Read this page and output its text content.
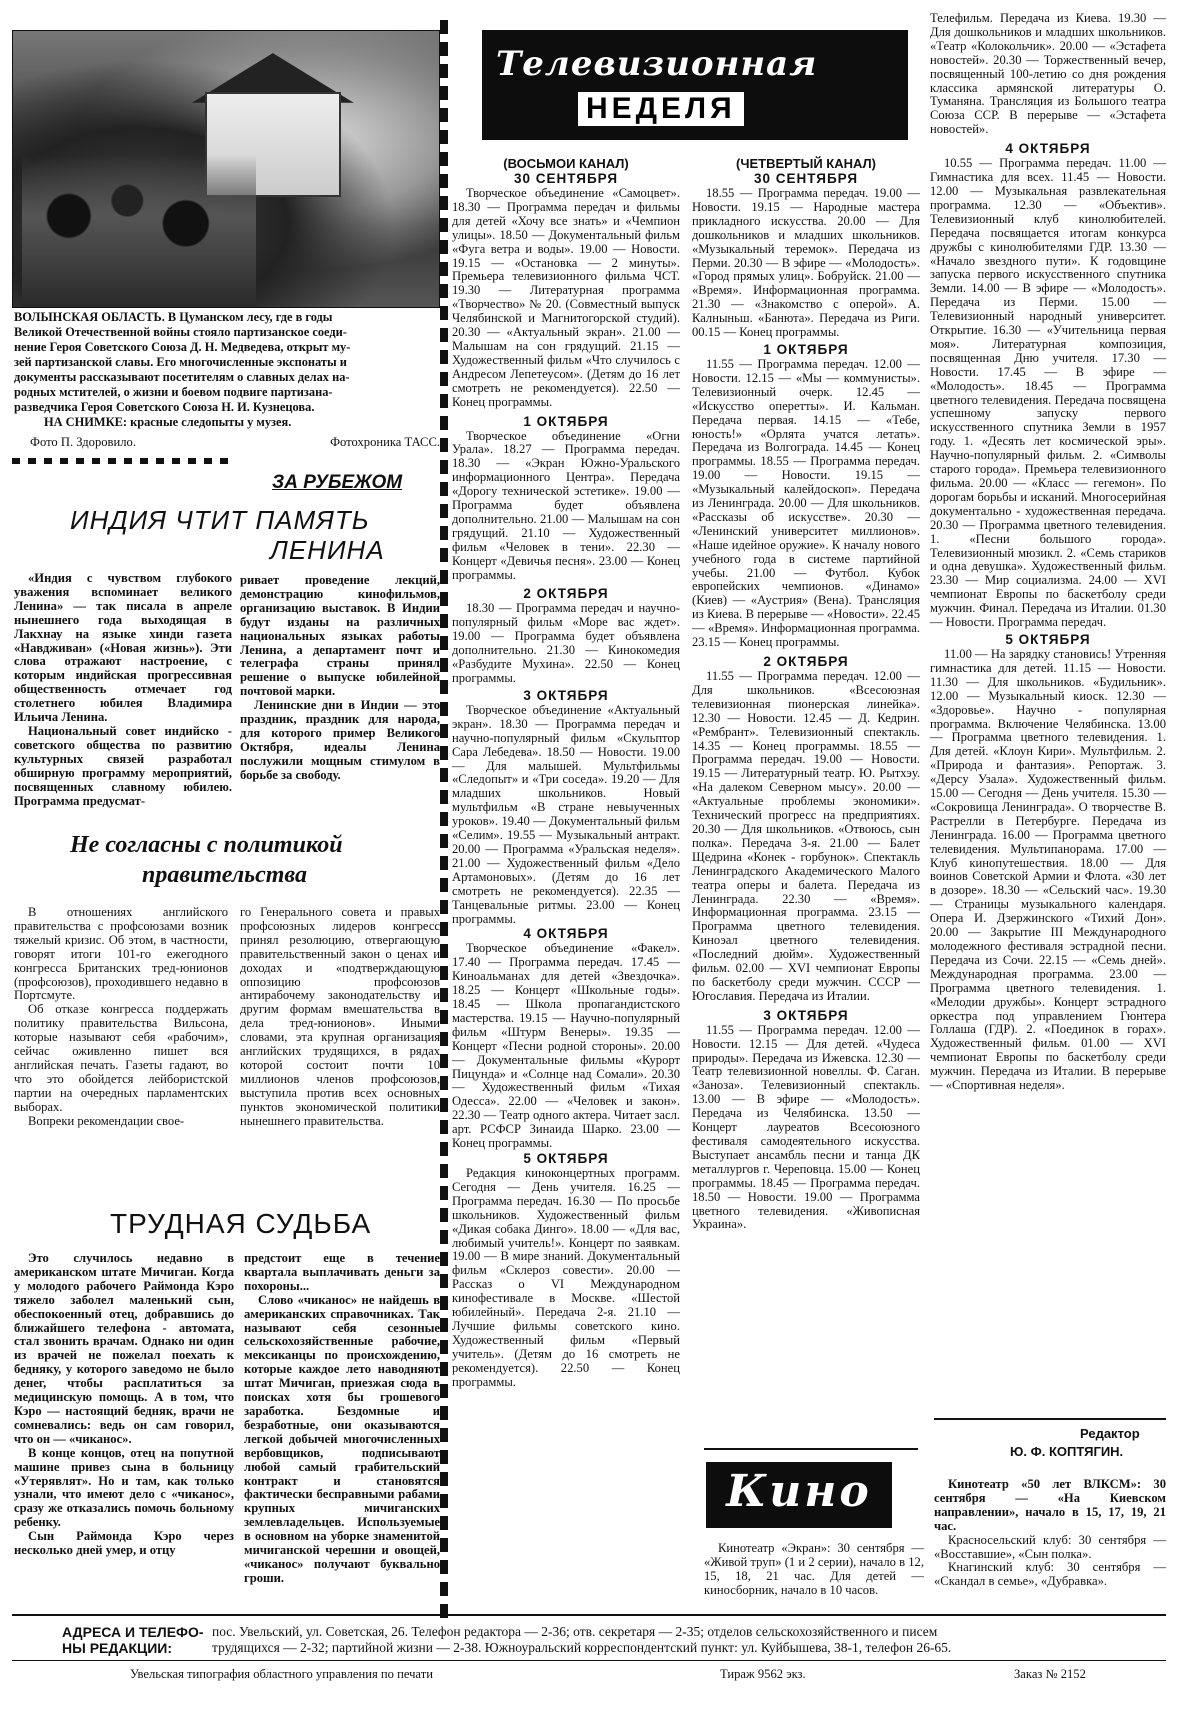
ВОЛЫНСКАЯ ОБЛАСТЬ. В Цуманском лесу, где в годы
Великой Отечественной войны стояло партизанское соеди-
нение Героя Советского Союза Д. Н. Медведева, открыт му-
зей партизанской славы. Его многочисленные экспонаты и
документы рассказывают посетителям о славных делах на-
родных мстителей, о жизни и боевом подвиге партизана-
разведчика Героя Советского Союза Н. И. Кузнецова.
НА СНИМКЕ: красные следопыты у музея.
Фото П. Здоровило.	Фотохроника ТАСС.
ЗА РУБЕЖОМ
ИНДИЯ ЧТИТ ПАМЯТЬ
ЛЕНИНА

«Индия с чувством глубокого уважения вспоминает великого Ленина» — так писала в апреле нынешнего года выходящая в Лакхнау на языке хинди газета «Навдживан» («Новая жизнь»). Эти слова отражают настроение, с которым индийская прогрессивная общественность отмечает год столетнего юбилея Владимира Ильича Ленина.

Национальный совет индийско - советского общества по развитию культурных связей разработал обширную программу мероприятий, посвященных славному юбилею. Программа предусмат-

ривает проведение лекций, демонстрацию кинофильмов, организацию выставок. В Индии будут изданы на различных национальных языках работы Ленина, а департамент почт и телеграфа страны принял решение о выпуске юбилейной почтовой марки.

Ленинские дни в Индии — это праздник, праздник для народа, для которого пример Великого Октября, идеалы Ленина послужили мощным стимулом в борьбе за свободу.

Не согласны с политикой
правительства

В отношениях английского правительства с профсоюзами возник тяжелый кризис. Об этом, в частности, говорят итоги 101-го ежегодного конгресса Британских тред-юнионов (профсоюзов), проходившего недавно в Портсмуте.

Об отказе конгресса поддержать политику правительства Вильсона, которые называют себя «рабочим», сейчас оживленно пишет вся английская печать. Газеты гадают, во что это обойдется лейбористской партии на очередных парламентских выборах.

Вопреки рекомендации свое-

го Генерального совета и правых профсоюзных лидеров конгресс принял резолюцию, отвергающую правительственный закон о ценах и доходах и «подтверждающую оппозицию профсоюзов антирабочему законодательству и другим формам вмешательства в дела тред-юнионов». Иными словами, эта крупная организация английских трудящихся, в рядах которой состоит почти 10 миллионов членов профсоюзов, выступила против всех основных пунктов экономической политики нынешнего правительства.

ТРУДНАЯ СУДЬБА

Это случилось недавно в американском штате Мичиган. Когда у молодого рабочего Раймонда Кэро тяжело заболел маленький сын, обеспокоенный отец, добравшись до ближайшего телефона - автомата, стал звонить врачам. Однако ни один из врачей не пожелал поехать к бедняку, у которого заведомо не было денег, чтобы расплатиться за медицинскую помощь. А в том, что Кэро — настоящий бедняк, врачи не сомневались: ведь он сам говорил, что он — «чиканос».

В конце концов, отец на попутной машине привез сына в больницу «Утерявлят». Но и там, как только узнали, что имеют дело с «чиканос», сразу же отказались помочь больному ребенку.

Сын Раймонда Кэро через несколько дней умер, и отцу

предстоит еще в течение квартала выплачивать деньги за похороны...

Слово «чиканос» не найдешь в американских справочниках. Так называют себя сезонные сельскохозяйственные рабочие, мексиканцы по происхождению, которые каждое лето наводняют штат Мичиган, приезжая сюда в поисках хотя бы грошевого заработка. Бездомные и безработные, они оказываются легкой добычей многочисленных вербовщиков, подписывают любой самый грабительский контракт и становятся фактически бесправными рабами крупных мичиганских землевладельцев. Используемые в основном на уборке знаменитой мичиганской черешни и овощей, «чиканос» получают буквально гроши.

Телевизионная
НЕДЕЛЯ
(ВОСЬМОИ КАНАЛ)
30 СЕНТЯБРЯ

Творческое объединение «Самоцвет». 18.30 — Программа передач и фильмы для детей «Хочу все знать» и «Чемпион улицы». 18.50 — Документальный фильм «Фуга ветра и воды». 19.00 — Новости. 19.15 — «Остановка — 2 минуты». Премьера телевизионного фильма ЧСТ. 19.30 — Литературная программа «Творчество» № 20. (Совместный выпуск Челябинской и Магнитогорской студий). 20.30 — «Актуальный экран». 21.00 — Малышам на сон грядущий. 21.15 — Художественный фильм «Что случилось с Андресом Лепетеусом». (Детям до 16 лет смотреть не рекомендуется). 22.50 — Конец программы.

1 ОКТЯБРЯ

Творческое объединение «Огни Урала». 18.27 — Программа передач. 18.30 — «Экран Южно-Уральского информационного Центра». Передача «Дорогу технической эстетике». 19.00 — Программа будет объявлена дополнительно. 21.00 — Малышам на сон грядущий. 21.10 — Художественный фильм «Человек в тени». 22.30 — Концерт «Девичья песня». 23.00 — Конец программы.

2 ОКТЯБРЯ

18.30 — Программа передач и научно-популярный фильм «Море вас ждет». 19.00 — Программа будет объявлена дополнительно. 21.30 — Кинокомедия «Разбудите Мухина». 22.50 — Конец программы.

3 ОКТЯБРЯ

Творческое объединение «Актуальный экран». 18.30 — Программа передач и научно-популярный фильм «Скульптор Сара Лебедева». 18.50 — Новости. 19.00 — Для малышей. Мультфильмы «Следопыт» и «Три соседа». 19.20 — Для младших школьников. Новый мультфильм «В стране невыученных уроков». 19.40 — Документальный фильм «Селим». 19.55 — Музыкальный антракт. 20.00 — Программа «Уральская неделя». 21.00 — Художественный фильм «Дело Артамоновых». (Детям до 16 лет смотреть не рекомендуется). 22.35 — Танцевальные ритмы. 23.00 — Конец программы.

4 ОКТЯБРЯ

Творческое объединение «Факел». 17.40 — Программа передач. 17.45 — Киноальманах для детей «Звездочка». 18.25 — Концерт «Школьные годы». 18.45 — Школа пропагандистского мастерства. 19.15 — Научно-популярный фильм «Штурм Венеры». 19.35 — Концерт «Песни родной стороны». 20.00 — Документальные фильмы «Курорт Пицунда» и «Солнце над Сомали». 20.30 — Художественный фильм «Тихая Одесса». 22.00 — «Человек и закон». 22.30 — Театр одного актера. Читает засл. арт. РСФСР Зинаида Шарко. 23.00 — Конец программы.

5 ОКТЯБРЯ

Редакция киноконцертных программ. Сегодня — День учителя. 16.25 — Программа передач. 16.30 — По просьбе школьников. Художественный фильм «Дикая собака Динго». 18.00 — «Для вас, любимый учитель!». Концерт по заявкам. 19.00 — В мире знаний. Документальный фильм «Склероз совести». 20.00 — Рассказ о VI Международном кинофестивале в Москве. «Шестой юбилейный». Передача 2-я. 21.10 — Лучшие фильмы советского кино. Художественный фильм «Первый учитель». (Детям до 16 смотреть не рекомендуется). 22.50 — Конец программы.

(ЧЕТВЕРТЫЙ КАНАЛ)
30 СЕНТЯБРЯ

18.55 — Программа передач. 19.00 — Новости. 19.15 — Народные мастера прикладного искусства. 20.00 — Для дошкольников и младших школьников. «Музыкальный теремок». Передача из Перми. 20.30 — В эфире — «Молодость». «Город прямых улиц». Бобруйск. 21.00 — «Время». Информационная программа. 21.30 — «Знакомство с оперой». А. Калныньш. «Банюта». Передача из Риги. 00.15 — Конец программы.

1 ОКТЯБРЯ

11.55 — Программа передач. 12.00 — Новости. 12.15 — «Мы — коммунисты». Телевизионный очерк. 12.45 — «Искусство оперетты». И. Кальман. Передача первая. 14.15 — «Тебе, юность!» «Орлята учатся летать». Передача из Волгограда. 14.45 — Конец программы. 18.55 — Программа передач. 19.00 — Новости. 19.15 — «Музыкальный калейдоскоп». Передача из Ленинграда. 20.00 — Для школьников. «Рассказы об искусстве». 20.30 — «Ленинский университет миллионов». «Наше идейное оружие». К началу нового учебного года в системе партийной учебы. 21.00 — Футбол. Кубок европейских чемпионов. «Динамо» (Киев) — «Аустрия» (Вена). Трансляция из Киева. В перерыве — «Новости». 22.45 — «Время». Информационная программа. 23.15 — Конец программы.

2 ОКТЯБРЯ

11.55 — Программа передач. 12.00 — Для школьников. «Всесоюзная телевизионная пионерская линейка». 12.30 — Новости. 12.45 — Д. Кедрин. «Рембрант». Телевизионный спектакль. 14.35 — Конец программы. 18.55 — Программа передач. 19.00 — Новости. 19.15 — Литературный театр. Ю. Рытхэу. «На далеком Северном мысу». 20.00 — «Актуальные проблемы экономики». Технический прогресс на предприятиях. 20.30 — Для школьников. «Отвоюсь, сын полка». Передача 3-я. 21.00 — Балет Щедрина «Конек - горбунок». Спектакль Ленинградского Академического Малого театра оперы и балета. Передача из Ленинграда. 22.30 — «Время». Информационная программа. 23.15 — Программа цветного телевидения. Киноэал цветного телевидения. «Последний дюйм». Художественный фильм. 02.00 — XVI чемпионат Европы по баскетболу среди мужчин. СССР — Югославия. Передача из Италии.

3 ОКТЯБРЯ

11.55 — Программа передач. 12.00 — Новости. 12.15 — Для детей. «Чудеса природы». Передача из Ижевска. 12.30 — Театр телевизионной новеллы. Ф. Саган. «Заноза». Телевизионный спектакль. 13.00 — В эфире — «Молодость». Передача из Челябинска. 13.50 — Концерт лауреатов Всесоюзного фестиваля самодеятельного искусства. Выступает ансамбль песни и танца ДК металлургов г. Череповца. 15.00 — Конец программы. 18.45 — Программа передач. 18.50 — Новости. 19.00 — Программа цветного телевидения. «Живописная Украина».

Телефильм. Передача из Киева. 19.30 — Для дошкольников и младших школьников. «Театр «Колокольчик». 20.00 — «Эстафета новостей». 20.30 — Торжественный вечер, посвященный 100-летию со дня рождения классика армянской литературы О. Туманяна. Трансляция из Большого театра Союза ССР. В перерыве — «Эстафета новостей».

4 ОКТЯБРЯ

10.55 — Программа передач. 11.00 — Гимнастика для всех. 11.45 — Новости. 12.00 — Музыкальная развлекательная программа. 12.30 — «Объектив». Телевизионный клуб кинолюбителей. Передача посвящается итогам конкурса дружбы с кинолюбителями ГДР. 13.30 — «Начало звездного пути». К годовщине запуска первого искусственного спутника Земли. 14.00 — В эфире — «Молодость». Передача из Перми. 15.00 — Телевизионный народный университет. Открытие. 16.30 — «Учительница первая моя». Литературная композиция, посвященная Дню учителя. 17.30 — Новости. 17.45 — В эфире — «Молодость». 18.45 — Программа цветного телевидения. Передача посвящена успешному запуску первого искусственного спутника Земли в 1957 году. 1. «Десять лет космической эры». Научно-популярный фильм. 2. «Символы старого города». Премьера телевизионного фильма. 20.00 — «Класс — гегемон». По дорогам борьбы и исканий. Многосерийная документально - художественная передача. 20.30 — Программа цветного телевидения. 1. «Песни большого города». Телевизионный мюзикл. 2. «Семь стариков и одна девушка». Художественный фильм. 23.30 — Мир социализма. 24.00 — XVI чемпионат Европы по баскетболу среди мужчин. Финал. Передача из Италии. 01.30 — Новости. Программа передач.

5 ОКТЯБРЯ

11.00 — На зарядку становись! Утренняя гимнастика для детей. 11.15 — Новости. 11.30 — Для школьников. «Будильник». 12.00 — Музыкальный киоск. 12.30 — «Здоровье». Научно - популярная программа. Включение Челябинска. 13.00 — Программа цветного телевидения. 1. Для детей. «Клоун Кири». Мультфильм. 2. «Природа и фантазия». Репортаж. 3. «Дерсу Узала». Художественный фильм. 15.00 — Сегодня — День учителя. 15.30 — «Сокровища Ленинграда». О творчестве В. Растрелли в Петербурге. Передача из Ленинграда. 16.00 — Программа цветного телевидения. Мультипанорама. 17.00 — Клуб кинопутешествия. 18.00 — Для воинов Советской Армии и Флота. «30 лет в дозоре». 18.30 — «Сельский час». 19.30 — Страницы музыкального календаря. Опера И. Дзержинского «Тихий Дон». 20.00 — Закрытие III Международного молодежного фестиваля эстрадной песни. Передача из Сочи. 22.15 — «Семь дней». Международная программа. 23.00 — Программа цветного телевидения. 1. «Мелодии дружбы». Концерт эстрадного оркестра под управлением Гюнтера Голлаша (ГДР). 2. «Поединок в горах». Художественный фильм. 01.00 — XVI чемпионат Европы по баскетболу среди мужчин. Передача из Италии. В перерыве — «Спортивная неделя».

Кино

Кинотеатр «Экран»: 30 сентября — «Живой труп» (1 и 2 серии), начало в 12, 15, 18, 21 час. Для детей — киносборник, начало в 10 часов.

Редактор
Ю. Ф. КОПТЯГИН.

Кинотеатр «50 лет ВЛКСМ»: 30 сентября — «На Киевском направлении», начало в 15, 17, 19, 21 час.

Красносельский клуб: 30 сентября — «Восставшие», «Сын полка».

Кнагинский клуб: 30 сентября — «Скандал в семье», «Дубравка».

АДРЕСА И ТЕЛЕФО-
НЫ РЕДАКЦИИ:
пос. Увельский, ул. Советская, 26. Телефон редактора — 2-36; отв. секретаря — 2-35; отделов сельскохозяйственного и писем
трудящихся — 2-32; партийной жизни — 2-38. Южноуральский корреспондентский пункт: ул. Куйбышева, 38-1, телефон 26-65.
Увельская типография областного управления по печати	Тираж 9562 экз.	Заказ № 2152
